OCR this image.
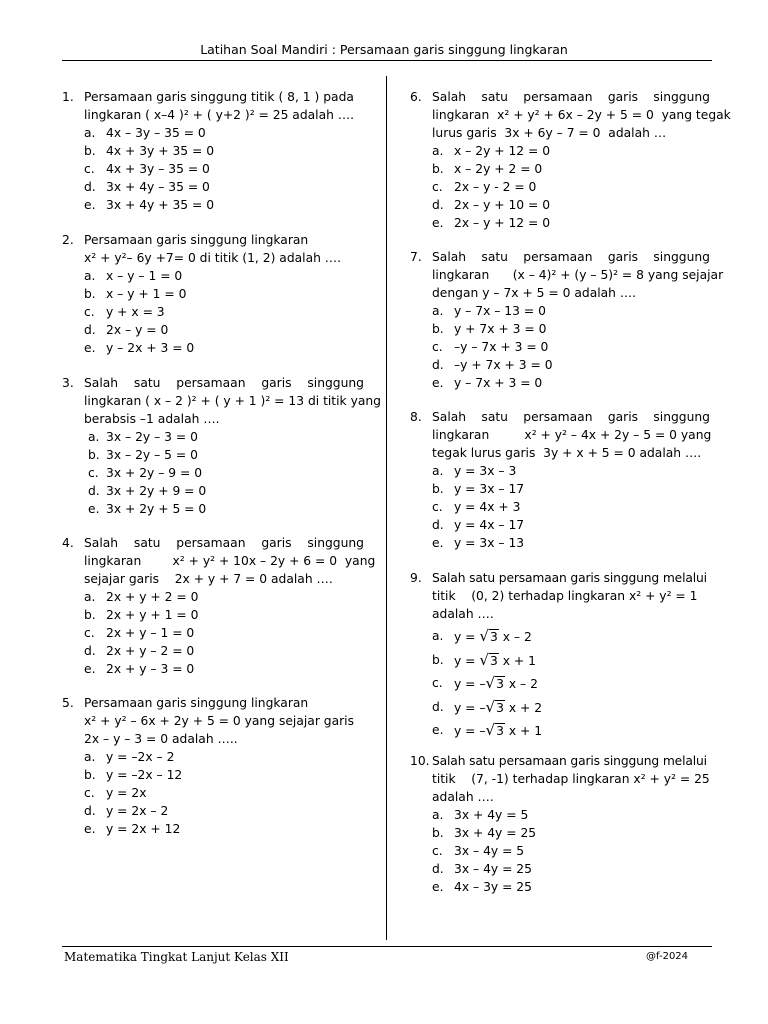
Latihan Soal Mandiri : Persamaan garis singgung lingkaran
1. Persamaan garis singgung titik ( 8, 1 ) pada
lingkaran ( x–4 )² + ( y+2 )² = 25 adalah ….
a. 4x – 3y – 35 = 0
b. 4x + 3y + 35 = 0
c. 4x + 3y – 35 = 0
d. 3x + 4y – 35 = 0
e. 3x + 4y + 35 = 0
2. Persamaan garis singgung lingkaran
x² + y²– 6y +7= 0 di titik (1, 2) adalah ….
a. x – y – 1 = 0
b. x – y + 1 = 0
c. y + x = 3
d. 2x – y = 0
e. y – 2x + 3 = 0
3. Salah satu persamaan garis singgung
lingkaran ( x – 2 )² + ( y + 1 )² = 13 di titik yang
berabsis –1 adalah ….
a. 3x – 2y – 3 = 0
b. 3x – 2y – 5 = 0
c. 3x + 2y – 9 = 0
d. 3x + 2y + 9 = 0
e. 3x + 2y + 5 = 0
4. Salah satu persamaan garis singgung
lingkaran        x² + y² + 10x – 2y + 6 = 0  yang
sejajar garis    2x + y + 7 = 0 adalah ….
a. 2x + y + 2 = 0
b. 2x + y + 1 = 0
c. 2x + y – 1 = 0
d. 2x + y – 2 = 0
e. 2x + y – 3 = 0
5. Persamaan garis singgung lingkaran
x² + y² – 6x + 2y + 5 = 0 yang sejajar garis
2x – y – 3 = 0 adalah …..
a. y = –2x – 2
b. y = –2x – 12
c. y = 2x
d. y = 2x – 2
e. y = 2x + 12
6. Salah satu persamaan garis singgung
lingkaran  x² + y² + 6x – 2y + 5 = 0  yang tegak
lurus garis  3x + 6y – 7 = 0  adalah …
a. x – 2y + 12 = 0
b. x – 2y + 2 = 0
c. 2x – y - 2 = 0
d. 2x – y + 10 = 0
e. 2x – y + 12 = 0
7. Salah satu persamaan garis singgung
lingkaran      (x – 4)² + (y – 5)² = 8 yang sejajar
dengan y – 7x + 5 = 0 adalah ….
a. y – 7x – 13 = 0
b. y + 7x + 3 = 0
c. –y – 7x + 3 = 0
d. –y + 7x + 3 = 0
e. y – 7x + 3 = 0
8. Salah satu persamaan garis singgung
lingkaran         x² + y² – 4x + 2y – 5 = 0 yang
tegak lurus garis  3y + x + 5 = 0 adalah ….
a. y = 3x – 3
b. y = 3x – 17
c. y = 4x + 3
d. y = 4x – 17
e. y = 3x – 13
9. Salah satu persamaan garis singgung melalui
titik    (0, 2) terhadap lingkaran x² + y² = 1
adalah ….
a. y = √3 x – 2
b. y = √3 x + 1
c. y = –√3 x – 2
d. y = –√3 x + 2
e. y = –√3 x + 1
10. Salah satu persamaan garis singgung melalui
titik    (7, -1) terhadap lingkaran x² + y² = 25
adalah ….
a. 3x + 4y = 5
b. 3x + 4y = 25
c. 3x – 4y = 5
d. 3x – 4y = 25
e. 4x – 3y = 25
Matematika Tingkat Lanjut Kelas XII	@f-2024
